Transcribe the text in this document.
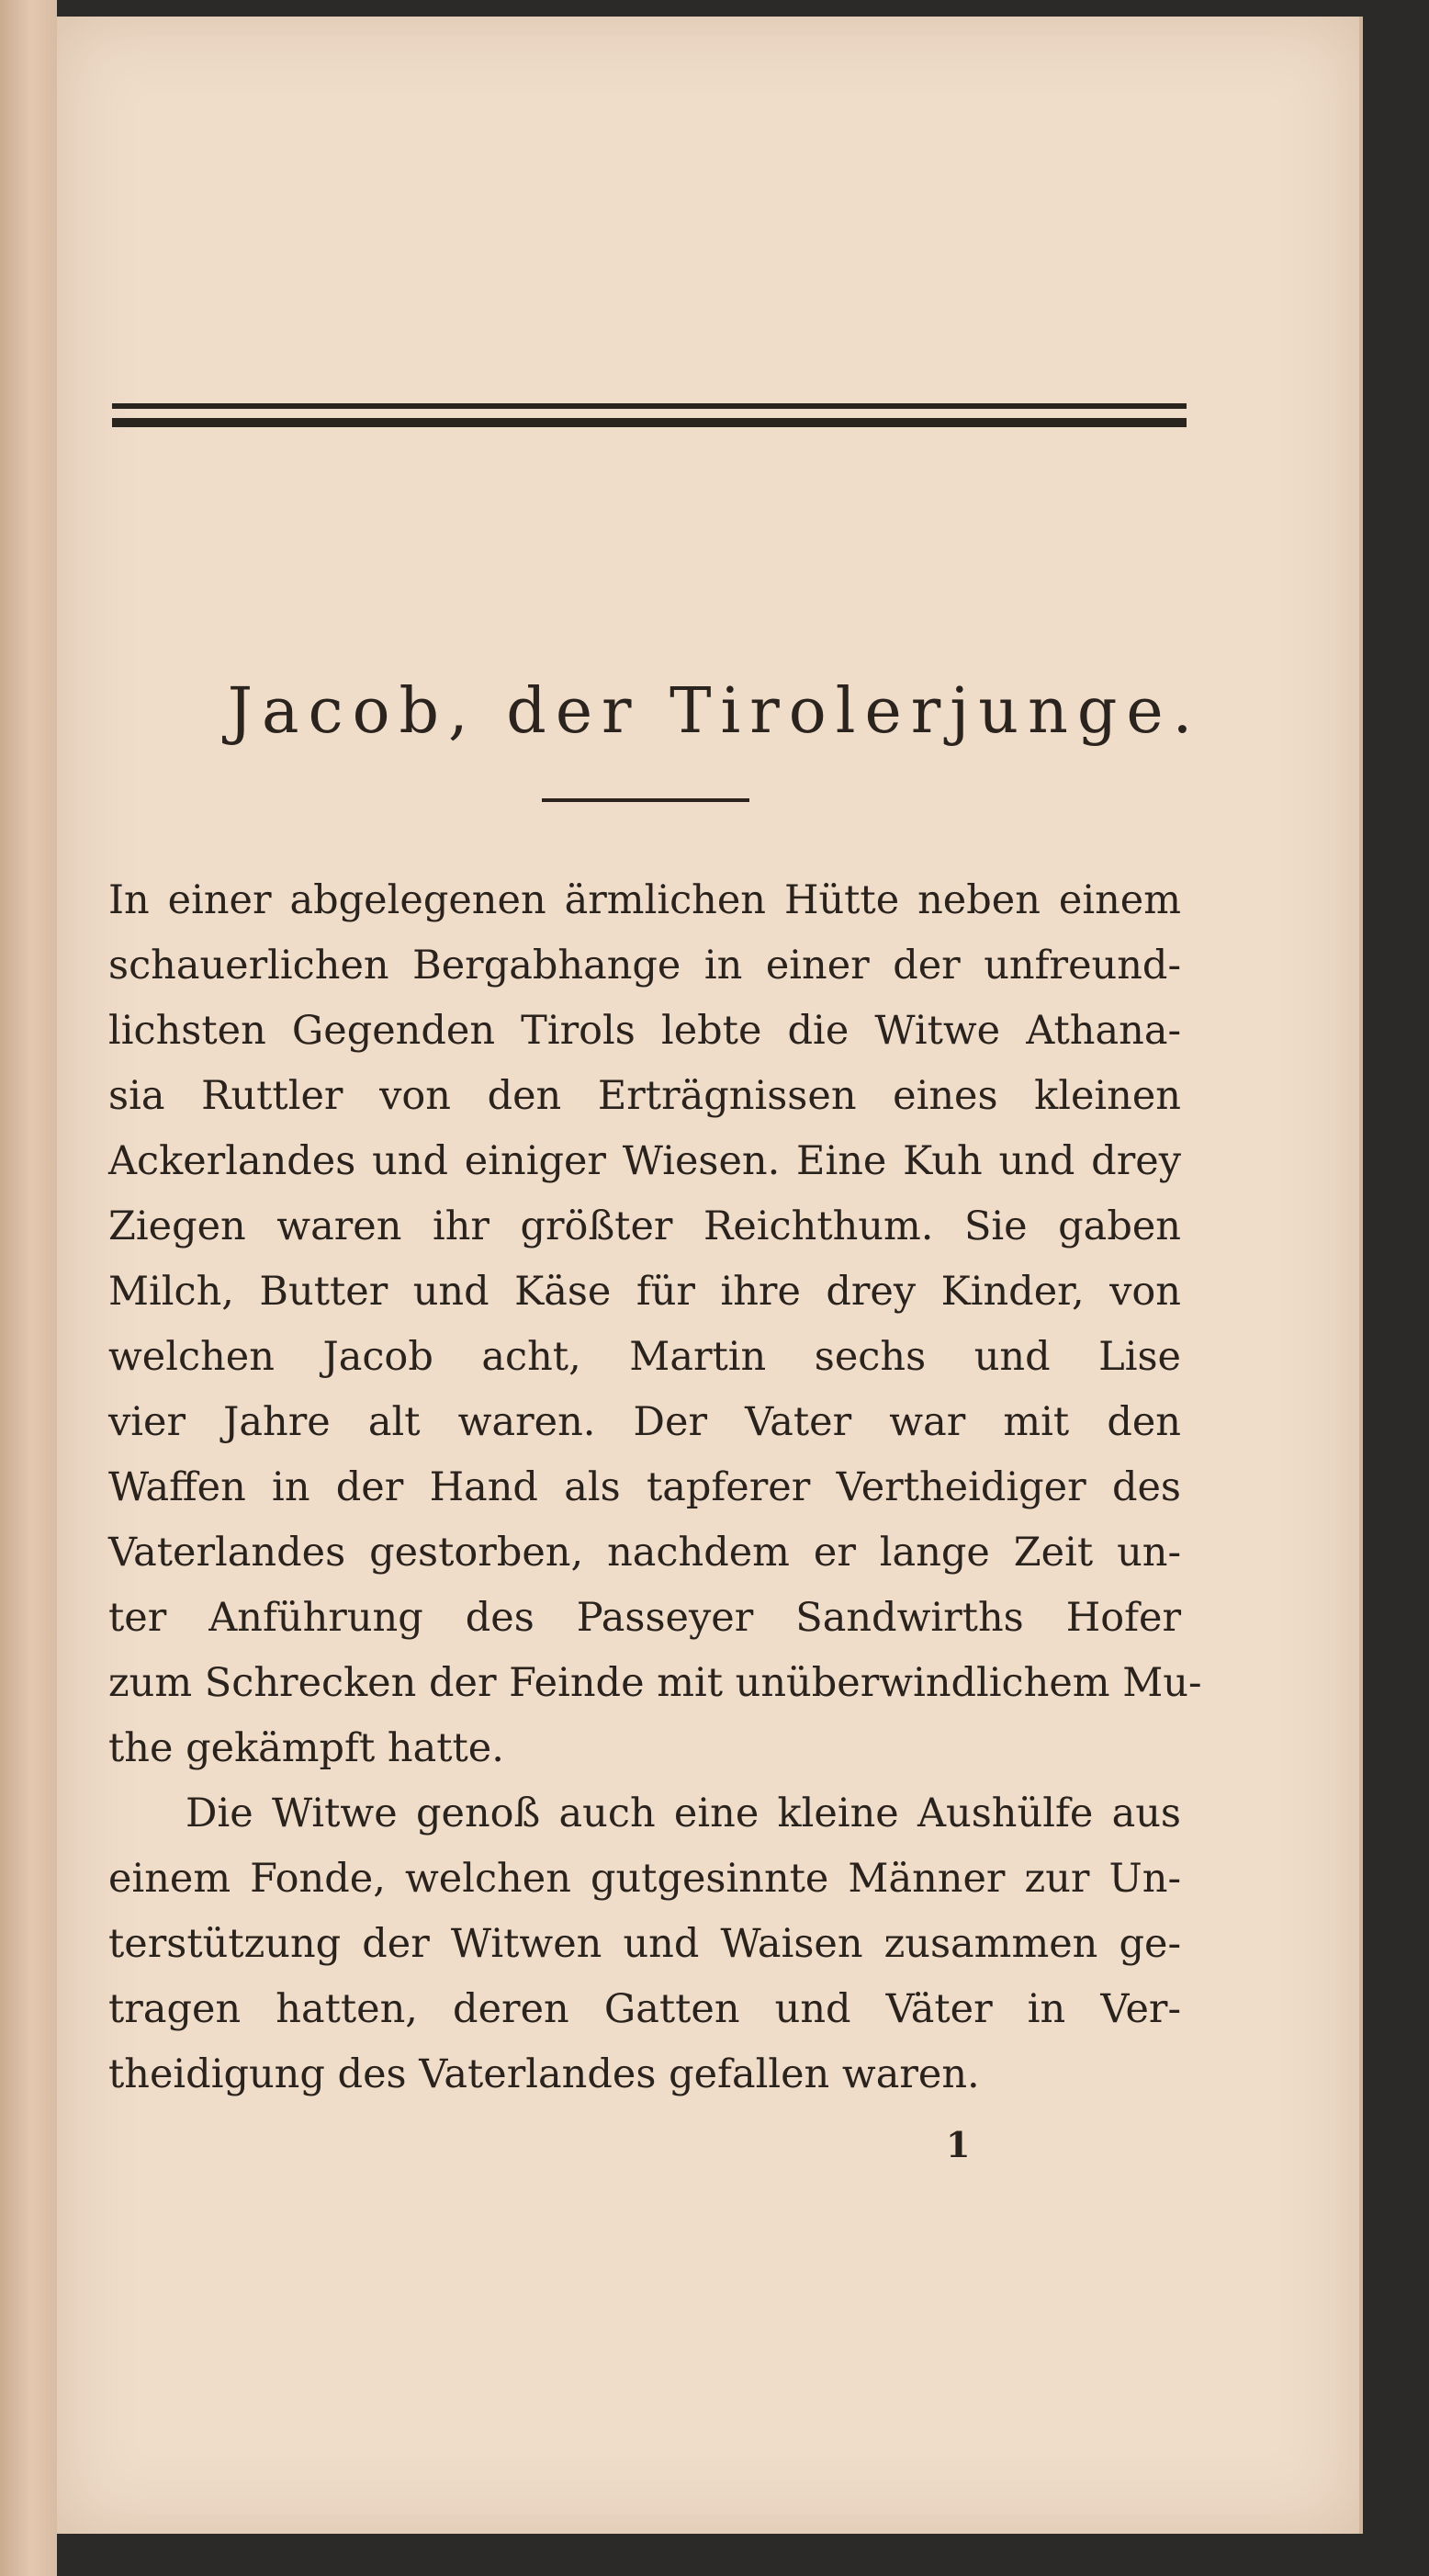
Jacob, der Tirolerjunge.
In einer abgelegenen ärmlichen Hütte neben einem
schauerlichen Bergabhange in einer der unfreund-
lichsten Gegenden Tirols lebte die Witwe Athana-
sia Ruttler von den Erträgnissen eines kleinen
Ackerlandes und einiger Wiesen. Eine Kuh und drey
Ziegen waren ihr größter Reichthum. Sie gaben
Milch, Butter und Käse für ihre drey Kinder, von
welchen Jacob acht, Martin sechs und Lise
vier Jahre alt waren. Der Vater war mit den
Waffen in der Hand als tapferer Vertheidiger des
Vaterlandes gestorben, nachdem er lange Zeit un-
ter Anführung des Passeyer Sandwirths Hofer
zum Schrecken der Feinde mit unüberwindlichem Mu-
the gekämpft hatte.
Die Witwe genoß auch eine kleine Aushülfe aus
einem Fonde, welchen gutgesinnte Männer zur Un-
terstützung der Witwen und Waisen zusammen ge-
tragen hatten, deren Gatten und Väter in Ver-
theidigung des Vaterlandes gefallen waren.
1
